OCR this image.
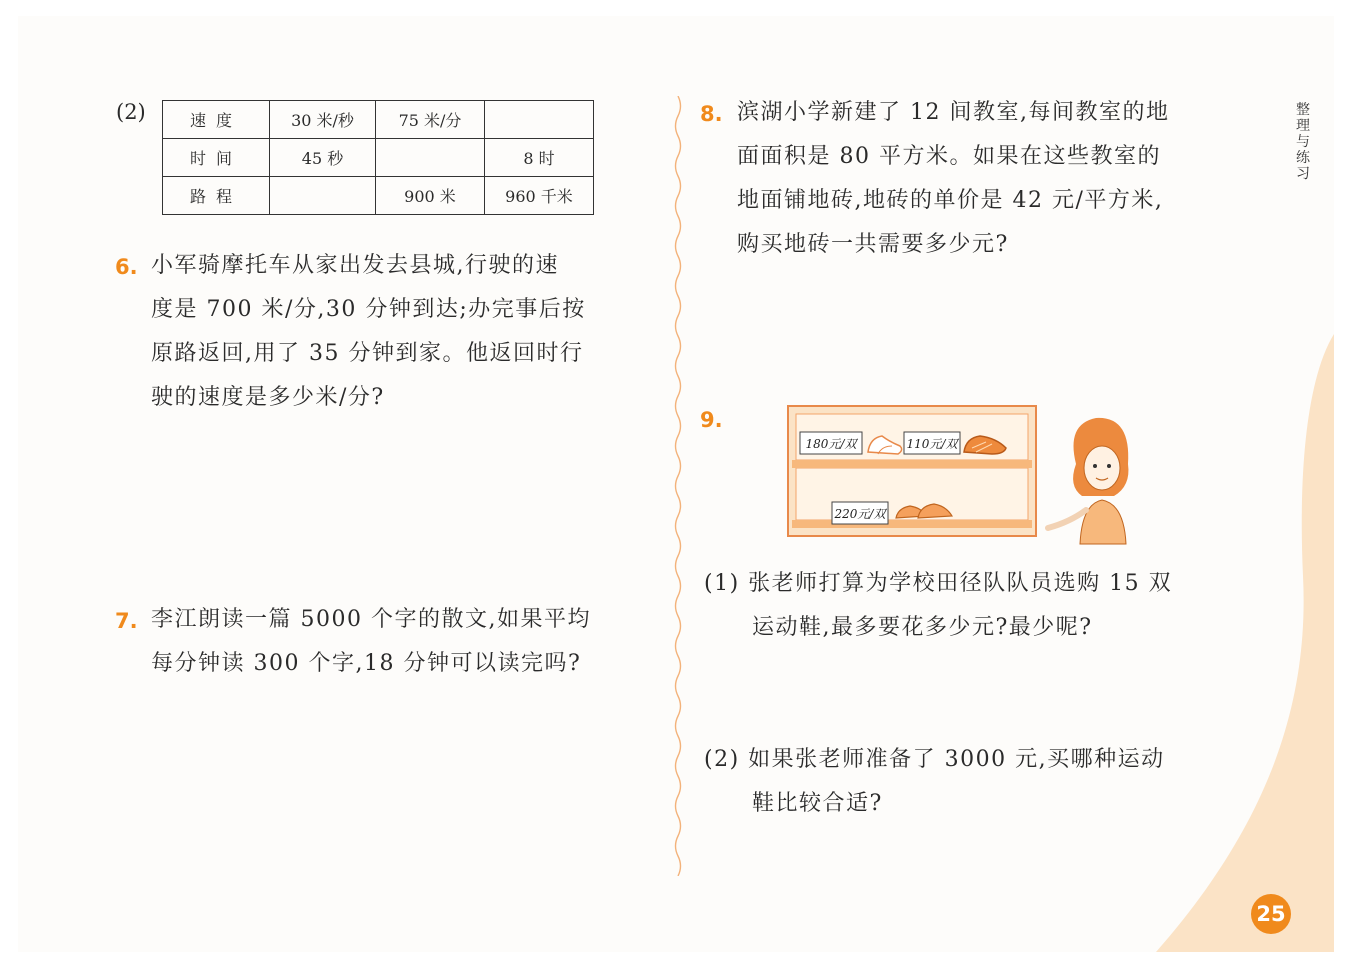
整理与练习
(2)	速度	30 米/秒	75 米/分	
时间	45 秒		8 时
路程		900 米	960 千米
6. 小军骑摩托车从家出发去县城,行驶的速
度是 700 米/分,30 分钟到达;办完事后按
原路返回,用了 35 分钟到家。他返回时行
驶的速度是多少米/分?
7. 李江朗读一篇 5000 个字的散文,如果平均
每分钟读 300 个字,18 分钟可以读完吗?
8. 滨湖小学新建了 12 间教室,每间教室的地
面面积是 80 平方米。如果在这些教室的
地面铺地砖,地砖的单价是 42 元/平方米,
购买地砖一共需要多少元?
9.
180元/双	110元/双
220元/双
(1) 张老师打算为学校田径队队员选购 15 双
运动鞋,最多要花多少元?最少呢?
(2) 如果张老师准备了 3000 元,买哪种运动
鞋比较合适?
25
